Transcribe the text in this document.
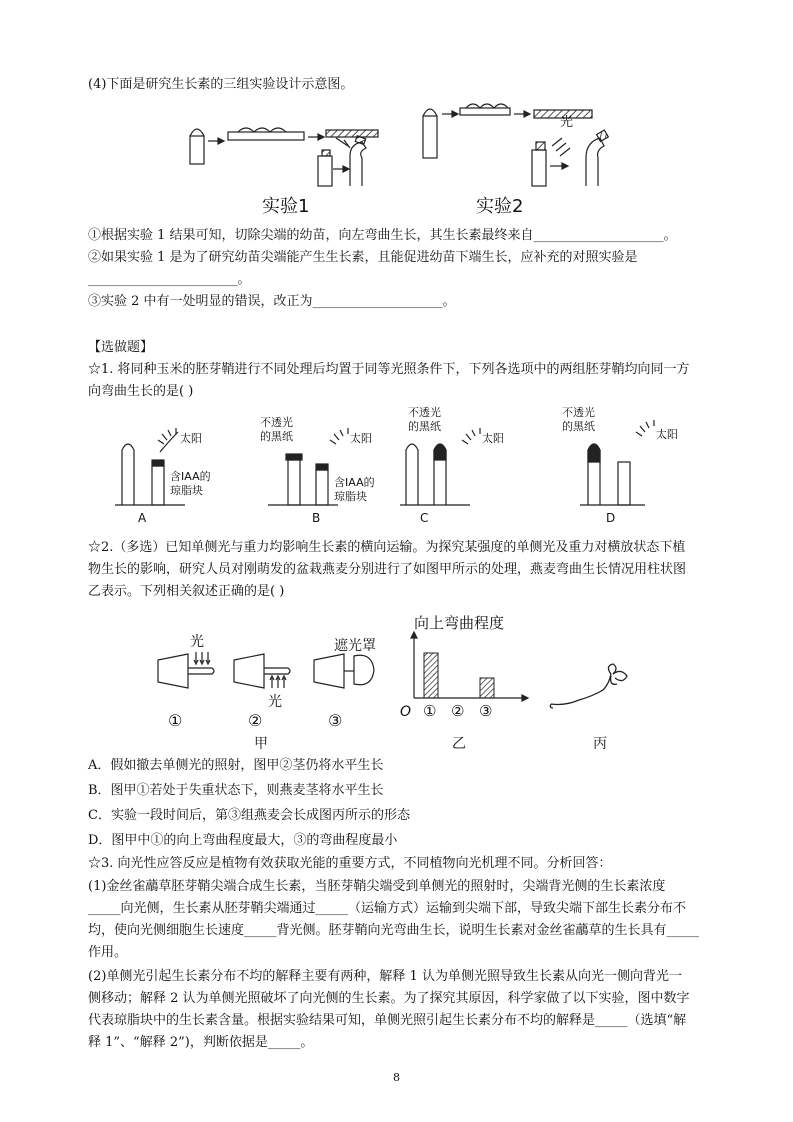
(4)下面是研究生长素的三组实验设计示意图。
光
实验1	实验2
①根据实验 1 结果可知，切除尖端的幼苗，向左弯曲生长，其生长素最终来自____________________。
②如果实验 1 是为了研究幼苗尖端能产生生长素，且能促进幼苗下端生长，应补充的对照实验是
_______________________。
③实验 2 中有一处明显的错误，改正为____________________。
【选做题】
☆1. 将同种玉米的胚芽鞘进行不同处理后均置于同等光照条件下，下列各选项中的两组胚芽鞘均向同一方
向弯曲生长的是( )
太阳
含IAA的
琼脂块
A
不透光
的黑纸	太阳
含IAA的
琼脂块
B
不透光
的黑纸
太阳
C
不透光
的黑纸
太阳
D
☆2.（多选）已知单侧光与重力均影响生长素的横向运输。为探究某强度的单侧光及重力对横放状态下植
物生长的影响，研究人员对刚萌发的盆栽燕麦分别进行了如图甲所示的处理，燕麦弯曲生长情况用柱状图
乙表示。下列相关叙述正确的是( )
光
光
遮光罩
①	②	③
甲
向上弯曲程度
① ② ③
O
乙	丙
A．假如撤去单侧光的照射，图甲②茎仍将水平生长
B．图甲①若处于失重状态下，则燕麦茎将水平生长
C．实验一段时间后，第③组燕麦会长成图丙所示的形态
D．图甲中①的向上弯曲程度最大，③的弯曲程度最小
☆3. 向光性应答反应是植物有效获取光能的重要方式，不同植物向光机理不同。分析回答：
(1)金丝雀虉草胚芽鞘尖端合成生长素，当胚芽鞘尖端受到单侧光的照射时，尖端背光侧的生长素浓度
_____向光侧，生长素从胚芽鞘尖端通过_____（运输方式）运输到尖端下部，导致尖端下部生长素分布不
均，使向光侧细胞生长速度_____背光侧。胚芽鞘向光弯曲生长，说明生长素对金丝雀虉草的生长具有_____
作用。
(2)单侧光引起生长素分布不均的解释主要有两种，解释 1 认为单侧光照导致生长素从向光一侧向背光一
侧移动；解释 2 认为单侧光照破坏了向光侧的生长素。为了探究其原因，科学家做了以下实验，图中数字
代表琼脂块中的生长素含量。根据实验结果可知，单侧光照引起生长素分布不均的解释是_____（选填“解
释 1”、“解释 2”)，判断依据是_____。
8
